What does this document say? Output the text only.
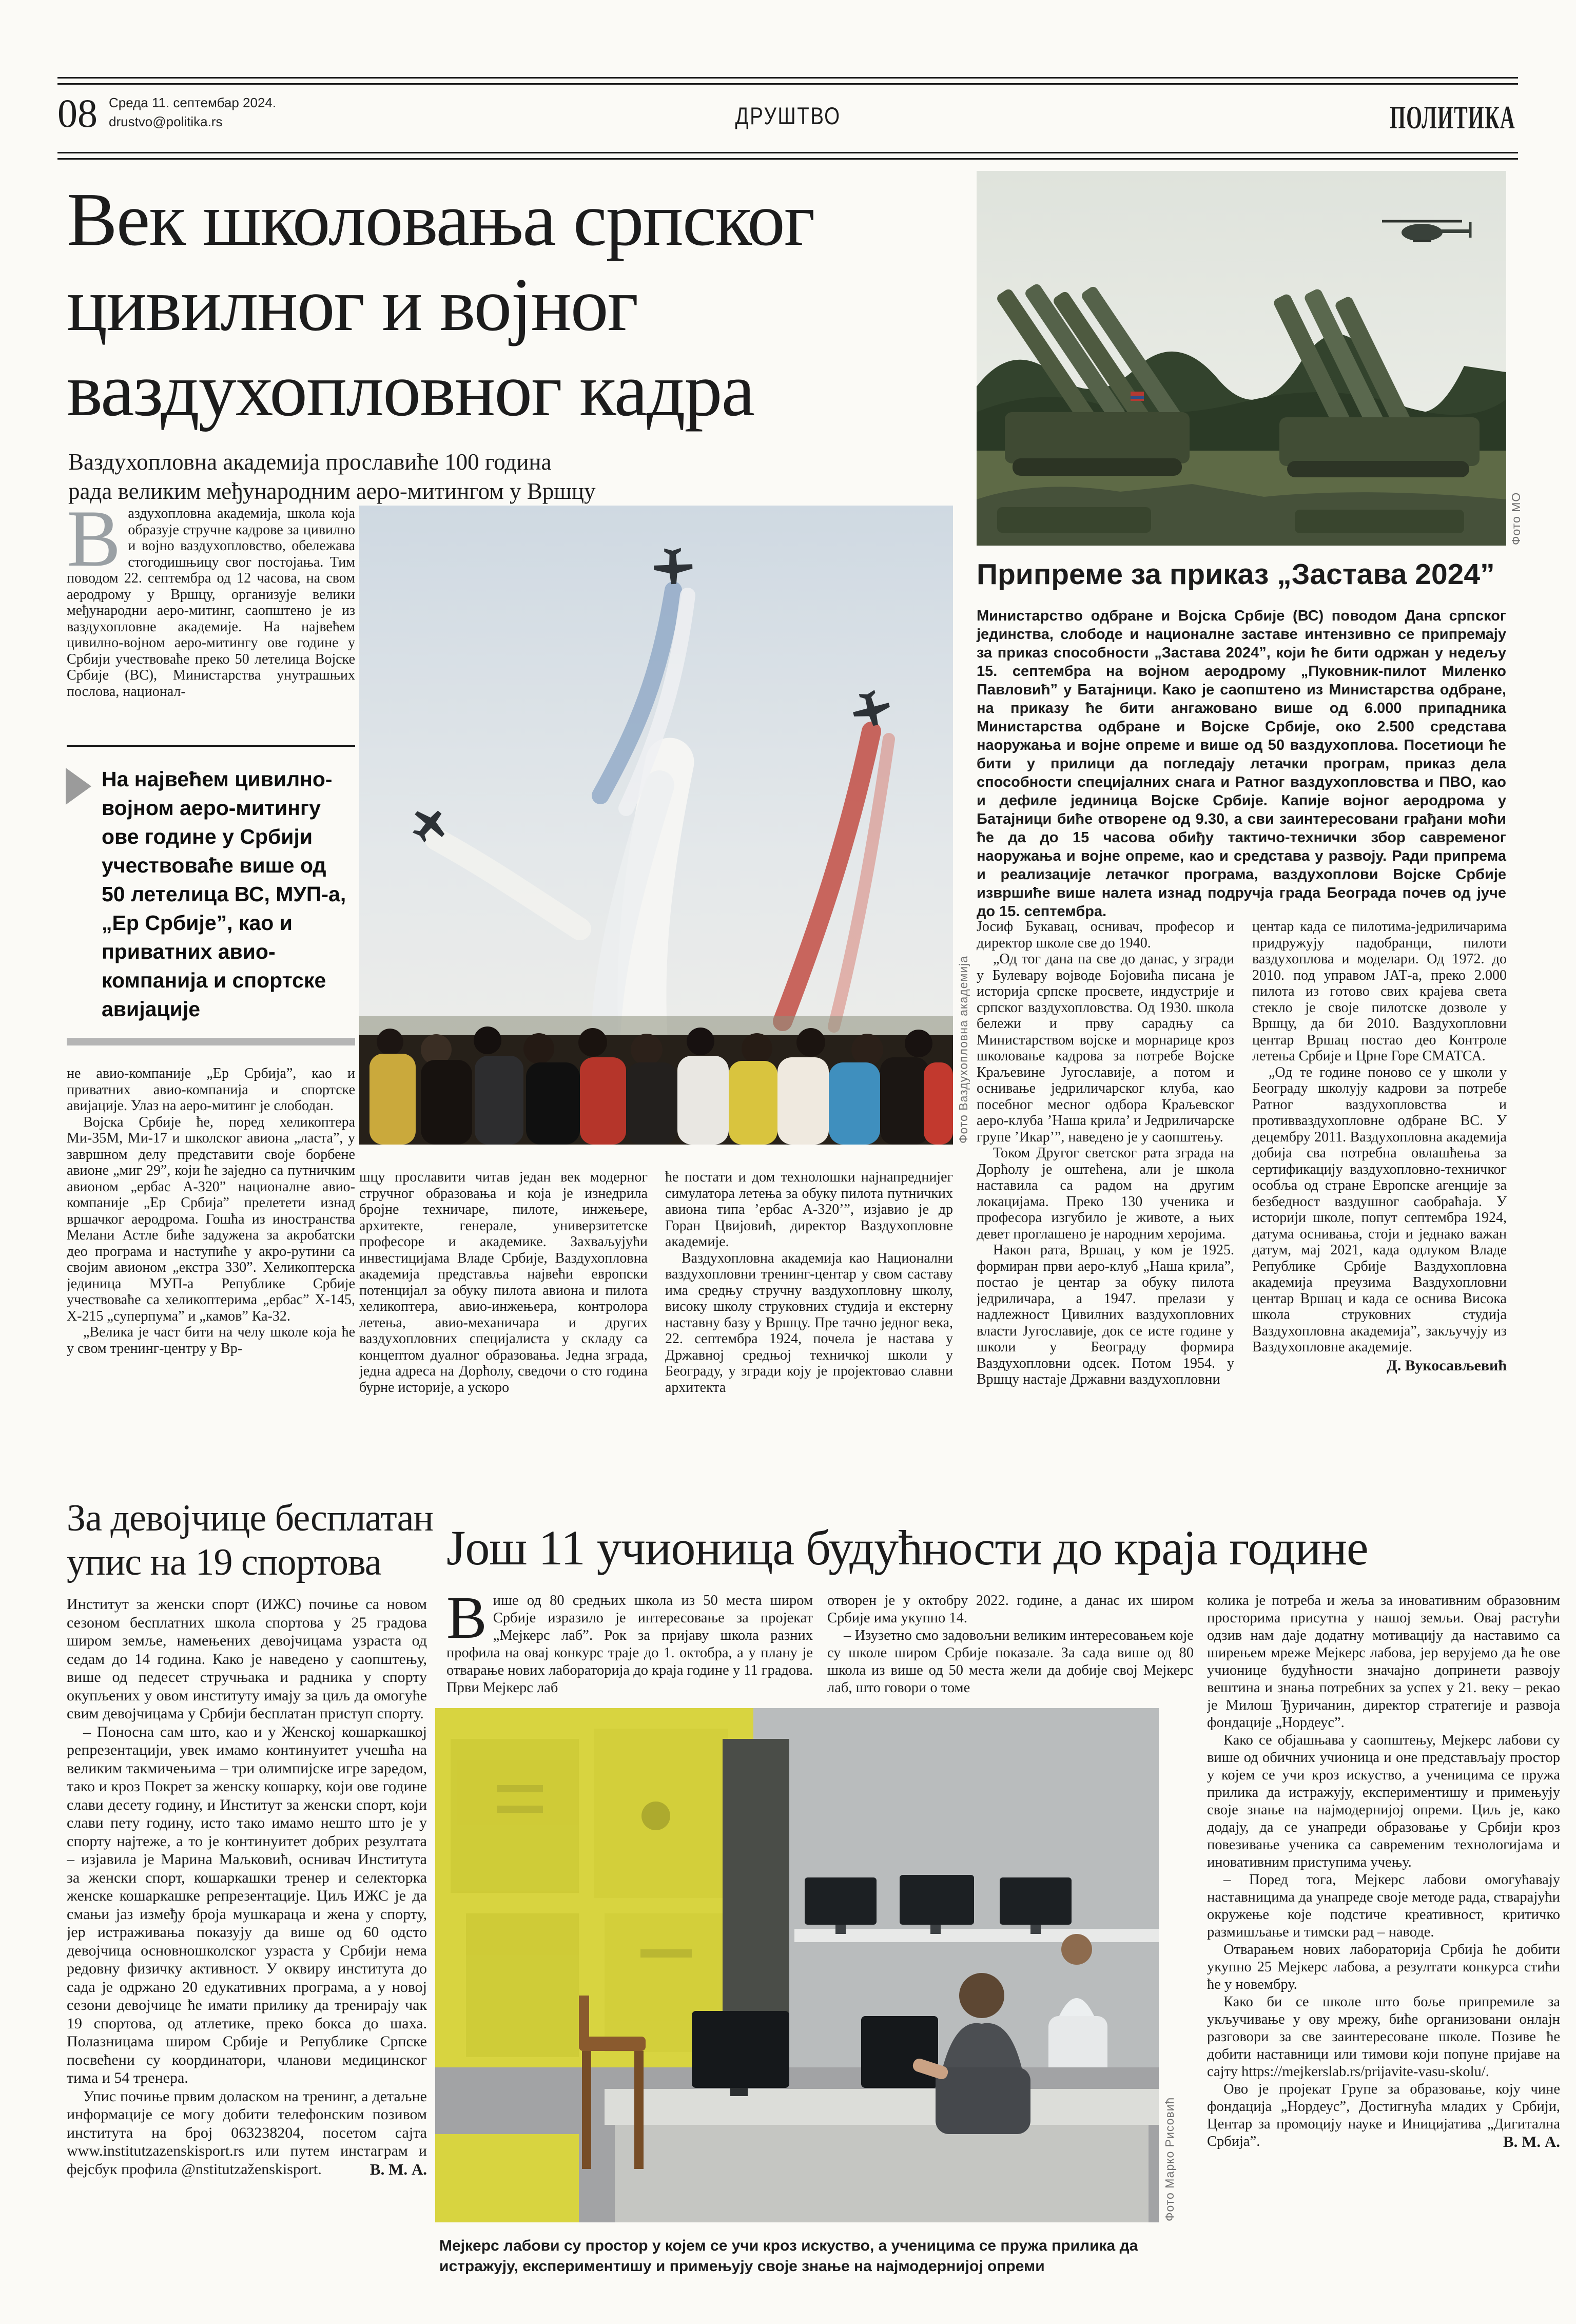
08 Среда 11. септембар 2024.
drustvo@politika.rs	ДРУШТВО	ПОЛИТИКА
Век школовања српског
цивилног и војног
ваздухопловног кадра
Ваздухопловна академија прославиће 100 година
рада великим међународним аеро-митингом у Вршцу
Фото МО
Припреме за приказ „Застава 2024”
Министарство одбране и Војска Србије (ВС) поводом Дана српског јединства, слободе и националне заставе интензивно се припремају за приказ способности „Застава 2024”, који ће бити одржан у недељу 15. септембра на војном аеродрому „Пуковник-пилот Миленко Павловић” у Батајници. Како је саопштено из Министарства одбране, на приказу ће бити ангажовано више од 6.000 припадника Министарства одбране и Војске Србије, око 2.500 средстава наоружања и војне опреме и више од 50 ваздухоплова. Посетиоци ће бити у прилици да погледају летачки програм, приказ дела способности специјалних снага и Ратног ваздухопловства и ПВО, као и дефиле јединица Војске Србије. Капије војног аеродрома у Батајници биће отворене од 9.30, а сви заинтересовани грађани моћи ће да до 15 часова обиђу тактичо-технички збор савременог наоружања и војне опреме, као и средстава у развоју. Ради припрема и реализације летачког програма, ваздухоплови Војске Србије извршиће више налета изнад подручја града Београда почев од јуче до 15. септембра.
Фото Ваздухопловна академија

Ваздухопловна академија, школа која образује стручне кадрове за цивилно и војно ваздухопловство, обележава стогодишњицу свог постојања. Тим поводом 22. септембра од 12 часова, на свом аеродрому у Вршцу, организује велики међународни аеро-митинг, саопштено је из ваздухопловне академије. На највећем цивилно-војном аеро-митингу ове године у Србији учествоваће преко 50 летелица Војске Србије (ВС), Министарства унутрашњих послова, национал-

На највећем цивилно-војном аеро-митингу ове године у Србији учествоваће више од 50 летелица ВС, МУП-а, „Ер Србије”, као и приватних авио-компанија и спортске авијације

не авио-компаније „Ер Србија”, као и приватних авио-компанија и спортске авијације. Улаз на аеро-митинг је слободан.

Војска Србије ће, поред хеликоптера Ми-35М, Ми-17 и школског авиона „ласта”, у завршном делу представити своје борбене авионе „миг 29”, који ће заједно са путничким авионом „ербас А-320” националне авио-компаније „Ер Србија” прелетети изнад вршачког аеродрома. Гошћа из иностранства Мелани Астле биће задужена за акробатски део програма и наступиће у акро-рутини са својим авионом „екстра 330”. Хеликоптерска јединица МУП-а Републике Србије учествоваће са хеликоптерима „ербас” Х-145, Х-215 „суперпума” и „камов” Ка-32.

„Велика је част бити на челу школе која ће у свом тренинг-центру у Вр-

шцу прославити читав један век модерног стручног образовања и која је изнедрила бројне техничаре, пилоте, инжењере, архитекте, генерале, универзитетске професоре и академике. Захваљујући инвестицијама Владе Србије, Ваздухопловна академија представља највећи европски потенцијал за обуку пилота авиона и пилота хеликоптера, авио-инжењера, контролора летења, авио-механичара и других ваздухопловних специјалиста у складу са концептом дуалног образовања. Једна зграда, једна адреса на Дорћолу, сведочи о сто година бурне историје, а ускоро

ће постати и дом технолошки најнапреднијег симулатора летења за обуку пилота путничких авиона типа ’ербас А-320’”, изјавио је др Горан Цвијовић, директор Ваздухопловне академије.

Ваздухопловна академија као Национални ваздухопловни тренинг-центар у свом саставу има средњу стручну ваздухопловну школу, високу школу струковних студија и екстерну наставну базу у Вршцу. Пре тачно једног века, 22. септембра 1924, почела је настава у Државној средњој техничкој школи у Београду, у згради коју је пројектовао славни архитекта

Јосиф Букавац, оснивач, професор и директор школе све до 1940.

„Од тог дана па све до данас, у згради у Булевару војводе Бојовића писана је историја српске просвете, индустрије и српског ваздухопловства. Од 1930. школа бележи и прву сарадњу са Министарством војске и морнарице кроз школовање кадрова за потребе Војске Краљевине Југославије, а потом и оснивање једриличарског клуба, као посебног месног одбора Краљевског аеро-клуба ’Наша крила’ и Једриличарске групе ’Икар’”, наведено је у саопштењу.

Током Другог светског рата зграда на Дорћолу је оштећена, али је школа наставила са радом на другим локацијама. Преко 130 ученика и професора изгубило је животе, а њих девет проглашено је народним херојима.

Након рата, Вршац, у ком је 1925. формиран први аеро-клуб „Наша крила”, постао је центар за обуку пилота једриличара, а 1947. прелази у надлежност Цивилних ваздухопловних власти Југославије, док се исте године у школи у Београду формира Ваздухопловни одсек. Потом 1954. у Вршцу настаје Државни ваздухопловни

центар када се пилотима-једриличарима придружују падобранци, пилоти ваздухоплова и моделари. Од 1972. до 2010. под управом ЈАТ-а, преко 2.000 пилота из готово свих крајева света стекло је своје пилотске дозволе у Вршцу, да би 2010. Ваздухопловни центар Вршац постао део Контроле летења Србије и Црне Горе СМАТСА.

„Од те године поново се у школи у Београду школују кадрови за потребе Ратног ваздухопловства и противваздухопловне одбране ВС. У децембру 2011. Ваздухопловна академија добија сва потребна овлашћења за сертификацију ваздухопловно-техничког особља од стране Европске агенције за безбедност ваздушног саобраћаја. У историји школе, попут септембра 1924, датума оснивања, стоји и једнако важан датум, мај 2021, када одлуком Владе Републике Србије Ваздухопловна академија преузима Ваздухопловни центар Вршац и када се оснива Висока школа струковних студија Ваздухопловна академија”, закључују из Ваздухопловне академије.

Д. Вукосављевић
За девојчице бесплатан
упис на 19 спортова

Институт за женски спорт (ИЖС) почиње са новом сезоном бесплатних школа спортова у 25 градова широм земље, намењених девојчицама узраста од седам до 14 година. Како је наведено у саопштењу, више од педесет стручњака и радника у спорту окупљених у овом институту имају за циљ да омогуће свим девојчицама у Србији бесплатан приступ спорту.

– Поносна сам што, као и у Женској кошаркашкој репрезентацији, увек имамо континуитет учешћа на великим такмичењима – три олимпијске игре заредом, тако и кроз Покрет за женску кошарку, који ове године слави десету годину, и Институт за женски спорт, који слави пету годину, исто тако имамо нешто што је у спорту најтеже, а то је континуитет добрих резултата – изјавила је Марина Маљковић, оснивач Института за женски спорт, кошаркашки тренер и селекторка женске кошаркашке репрезентације. Циљ ИЖС је да смањи јаз између броја мушкараца и жена у спорту, јер истраживања показују да више од 60 одсто девојчица основношколског узраста у Србији нема редовну физичку активност. У оквиру института до сада је одржано 20 едукативних програма, а у новој сезони девојчице ће имати прилику да тренирају чак 19 спортова, од атлетике, преко бокса до шаха. Полазницама широм Србије и Републике Српске посвећени су координатори, чланови медицинског тима и 54 тренера.

Упис почиње првим доласком на тренинг, а детаљне информације се могу добити телефонским позивом института на број 063238204, посетом сајта www.institutzazenskisport.rs или путем инстаграм и фејсбук профила @nstitutzaženskisport.	В. М. А.
Још 11 учионица будућности до краја године

Више од 80 средњих школа из 50 места широм Србије изразило је интересовање за пројекат „Мејкерс лаб”. Рок за пријаву школа разних профила на овај конкурс траје до 1. октобра, а у плану је отварање нових лабораторија до краја године у 11 градова. Први Мејкерс лаб

отворен је у октобру 2022. године, а данас их широм Србије има укупно 14.

– Изузетно смо задовољни великим интересовањем које су школе широм Србије показале. За сада више од 80 школа из више од 50 места жели да добије свој Мејкерс лаб, што говори о томе

колика је потреба и жеља за иновативним образовним просторима присутна у нашој земљи. Овај растући одзив нам даје додатну мотивацију да наставимо са ширењем мреже Мејкерс лабова, јер верујемо да ће ове учионице будућности значајно допринети развоју вештина и знања потребних за успех у 21. веку – рекао је Милош Ђуричанин, директор стратегије и развоја фондације „Нордеус”.

Како се објашњава у саопштењу, Мејкерс лабови су више од обичних учионица и оне представљају простор у којем се учи кроз искуство, а ученицима се пружа прилика да истражују, експериментишу и примењују своје знање на најмодернијој опреми. Циљ је, како додају, да се унапреди образовање у Србији кроз повезивање ученика са савременим технологијама и иновативним приступима учењу.

– Поред тога, Мејкерс лабови омогућавају наставницима да унапреде своје методе рада, стварајући окружење које подстиче креативност, критичко размишљање и тимски рад – наводе.

Отварањем нових лабораторија Србија ће добити укупно 25 Мејкерс лабова, а резултати конкурса стићи ће у новембру.

Како би се школе што боље припремиле за укључивање у ову мрежу, биће организовани онлајн разговори за све заинтересоване школе. Позиве ће добити наставници или тимови који попуне пријаве на сајту https://mejkerslab.rs/prijavite-vasu-skolu/.

Ово је пројекат Групе за образовање, коју чине фондација „Нордеус”, Достигнућа младих у Србији, Центар за промоцију науке и Иницијатива „Дигитална Србија”.	В. М. А.
Фото Марко Рисовић
Мејкерс лабови су простор у којем се учи кроз искуство, а ученицима се пружа прилика да истражују, експериментишу и примењују своје знање на најмодернијој опреми
